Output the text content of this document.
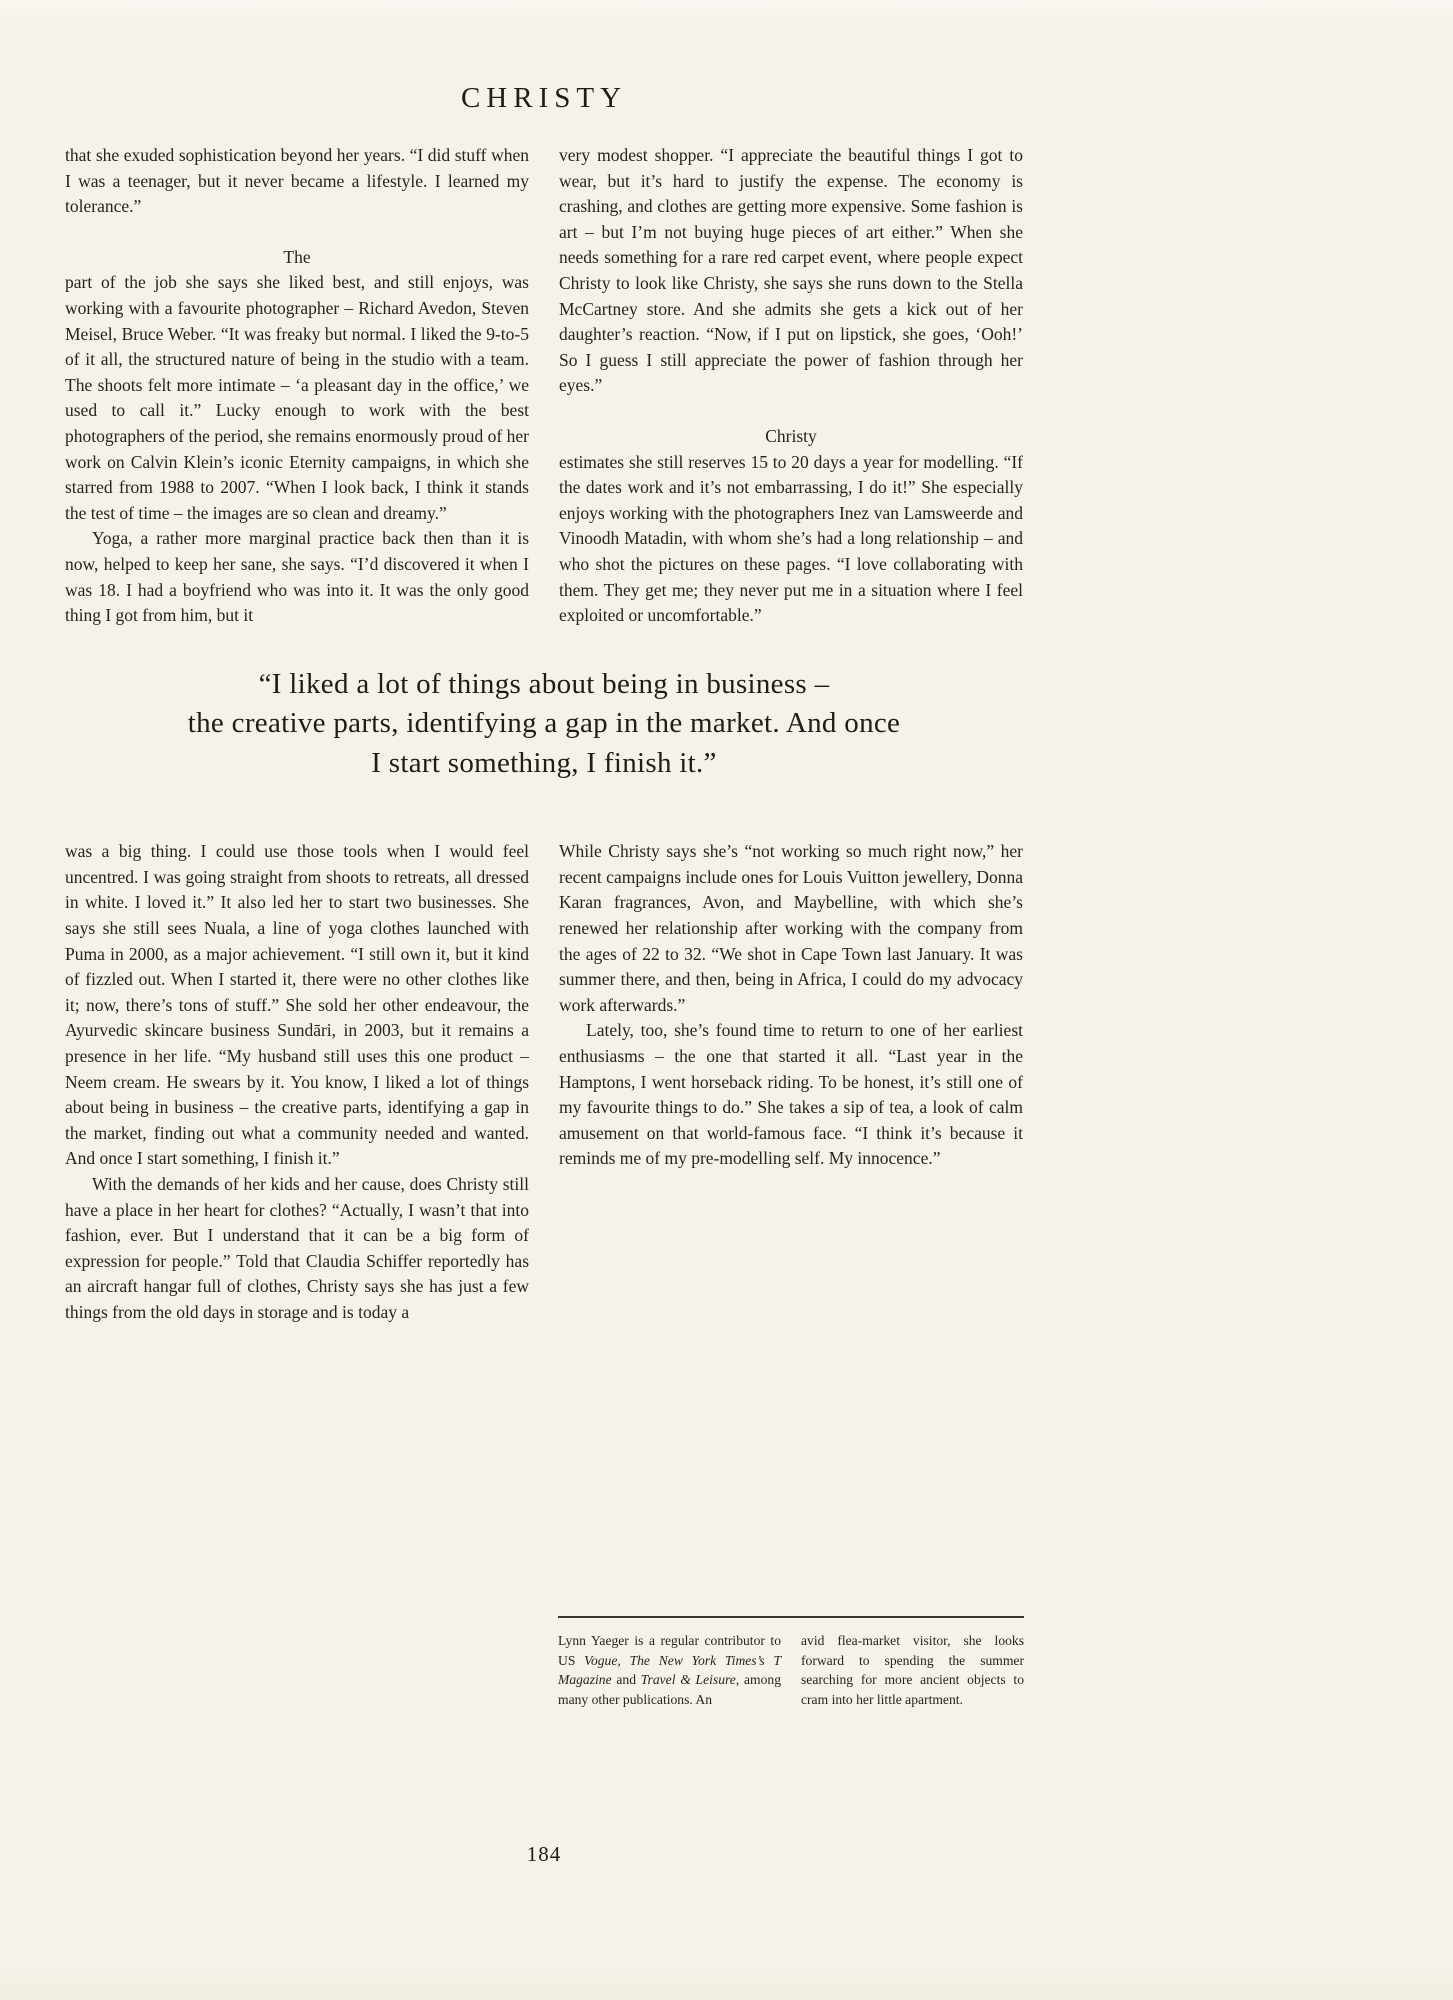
CHRISTY

that she exuded sophistication beyond her years. “I did stuff when I was a teenager, but it never became a lifestyle. I learned my tolerance.”

The

part of the job she says she liked best, and still enjoys, was working with a favourite photographer – Richard Avedon, Steven Meisel, Bruce Weber. “It was freaky but normal. I liked the 9-to-5 of it all, the structured nature of being in the studio with a team. The shoots felt more intimate – ‘a pleasant day in the office,’ we used to call it.” Lucky enough to work with the best photographers of the period, she remains enormously proud of her work on Calvin Klein’s iconic Eternity campaigns, in which she starred from 1988 to 2007. “When I look back, I think it stands the test of time – the images are so clean and dreamy.”

Yoga, a rather more marginal practice back then than it is now, helped to keep her sane, she says. “I’d discovered it when I was 18. I had a boyfriend who was into it. It was the only good thing I got from him, but it

very modest shopper. “I appreciate the beautiful things I got to wear, but it’s hard to justify the expense. The economy is crashing, and clothes are getting more expensive. Some fashion is art – but I’m not buying huge pieces of art either.” When she needs something for a rare red carpet event, where people expect Christy to look like Christy, she says she runs down to the Stella McCartney store. And she admits she gets a kick out of her daughter’s reaction. “Now, if I put on lipstick, she goes, ‘Ooh!’ So I guess I still appreciate the power of fashion through her eyes.”

Christy

estimates she still reserves 15 to 20 days a year for modelling. “If the dates work and it’s not embarrassing, I do it!” She especially enjoys working with the photographers Inez van Lamsweerde and Vinoodh Matadin, with whom she’s had a long relationship – and who shot the pictures on these pages. “I love collaborating with them. They get me; they never put me in a situation where I feel exploited or uncomfortable.”

“I liked a lot of things about being in business –
the creative parts, identifying a gap in the market. And once
I start something, I finish it.”

was a big thing. I could use those tools when I would feel uncentred. I was going straight from shoots to retreats, all dressed in white. I loved it.” It also led her to start two businesses. She says she still sees Nuala, a line of yoga clothes launched with Puma in 2000, as a major achievement. “I still own it, but it kind of fizzled out. When I started it, there were no other clothes like it; now, there’s tons of stuff.” She sold her other endeavour, the Ayurvedic skincare business Sundāri, in 2003, but it remains a presence in her life. “My husband still uses this one product – Neem cream. He swears by it. You know, I liked a lot of things about being in business – the creative parts, identifying a gap in the market, finding out what a community needed and wanted. And once I start something, I finish it.”

With the demands of her kids and her cause, does Christy still have a place in her heart for clothes? “Actually, I wasn’t that into fashion, ever. But I understand that it can be a big form of expression for people.” Told that Claudia Schiffer reportedly has an aircraft hangar full of clothes, Christy says she has just a few things from the old days in storage and is today a

While Christy says she’s “not working so much right now,” her recent campaigns include ones for Louis Vuitton jewellery, Donna Karan fragrances, Avon, and Maybelline, with which she’s renewed her relationship after working with the company from the ages of 22 to 32. “We shot in Cape Town last January. It was summer there, and then, being in Africa, I could do my advocacy work afterwards.”

Lately, too, she’s found time to return to one of her earliest enthusiasms – the one that started it all. “Last year in the Hamptons, I went horseback riding. To be honest, it’s still one of my favourite things to do.” She takes a sip of tea, a look of calm amusement on that world-famous face. “I think it’s because it reminds me of my pre-modelling self. My innocence.”

Lynn Yaeger is a regular contributor to US Vogue, The New York Times’s T Magazine and Travel & Leisure, among many other publications. An

avid flea-market visitor, she looks forward to spending the summer searching for more ancient objects to cram into her little apartment.

184
